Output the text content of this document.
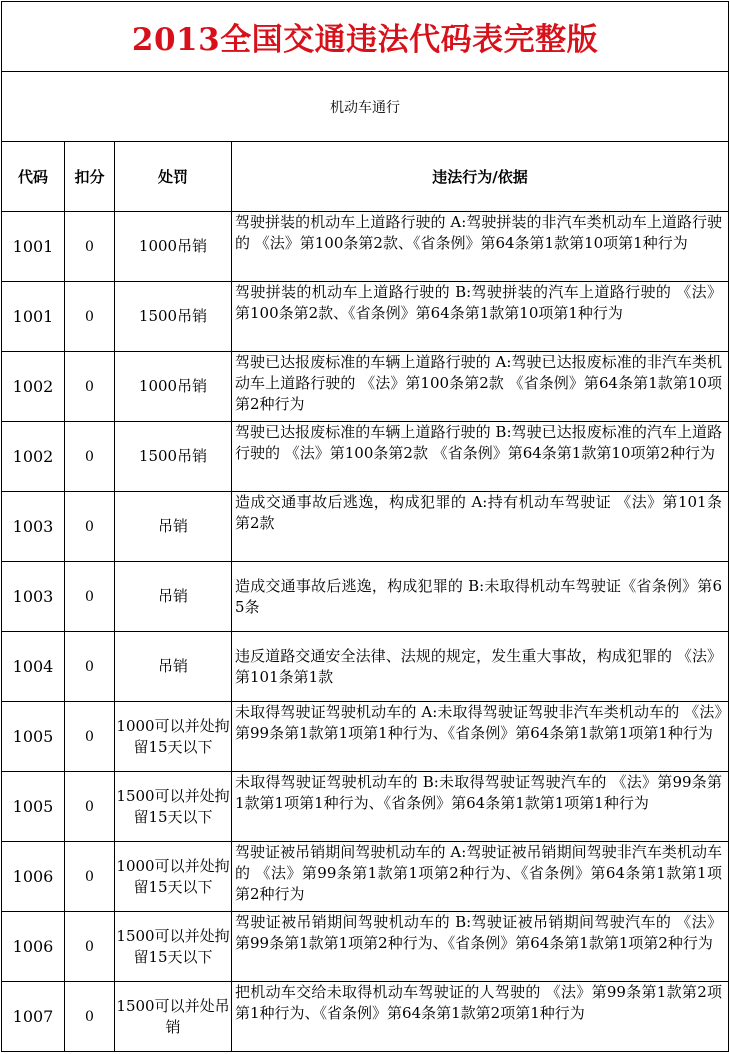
2013全国交通违法代码表完整版			
机动车通行			
代码	扣分	处罚	违法行为/依据
1001	0	1000吊销	驾驶拼装的机动车上道路行驶的 A:驾驶拼装的非汽车类机动车上道路行驶的 《法》第100条第2款、《省条例》第64条第1款第10项第1种行为
1001	0	1500吊销	驾驶拼装的机动车上道路行驶的 B:驾驶拼装的汽车上道路行驶的 《法》第100条第2款、《省条例》第64条第1款第10项第1种行为
1002	0	1000吊销	驾驶已达报废标准的车辆上道路行驶的 A:驾驶已达报废标准的非汽车类机动车上道路行驶的 《法》第100条第2款 《省条例》第64条第1款第10项第2种行为
1002	0	1500吊销	驾驶已达报废标准的车辆上道路行驶的 B:驾驶已达报废标准的汽车上道路行驶的 《法》第100条第2款 《省条例》第64条第1款第10项第2种行为
1003	0	吊销	造成交通事故后逃逸，构成犯罪的 A:持有机动车驾驶证 《法》第101条第2款
1003	0	吊销	造成交通事故后逃逸，构成犯罪的 B:未取得机动车驾驶证《省条例》第65条
1004	0	吊销	违反道路交通安全法律、法规的规定，发生重大事故，构成犯罪的 《法》第101条第1款
1005	0	1000可以并处拘留15天以下	未取得驾驶证驾驶机动车的 A:未取得驾驶证驾驶非汽车类机动车的 《法》第99条第1款第1项第1种行为、《省条例》第64条第1款第1项第1种行为
1005	0	1500可以并处拘留15天以下	未取得驾驶证驾驶机动车的 B:未取得驾驶证驾驶汽车的 《法》第99条第1款第1项第1种行为、《省条例》第64条第1款第1项第1种行为
1006	0	1000可以并处拘留15天以下	驾驶证被吊销期间驾驶机动车的 A:驾驶证被吊销期间驾驶非汽车类机动车的 《法》第99条第1款第1项第2种行为、《省条例》第64条第1款第1项第2种行为
1006	0	1500可以并处拘留15天以下	驾驶证被吊销期间驾驶机动车的 B:驾驶证被吊销期间驾驶汽车的 《法》第99条第1款第1项第2种行为、《省条例》第64条第1款第1项第2种行为
1007	0	1500可以并处吊销	把机动车交给未取得机动车驾驶证的人驾驶的 《法》第99条第1款第2项第1种行为、《省条例》第64条第1款第2项第1种行为
